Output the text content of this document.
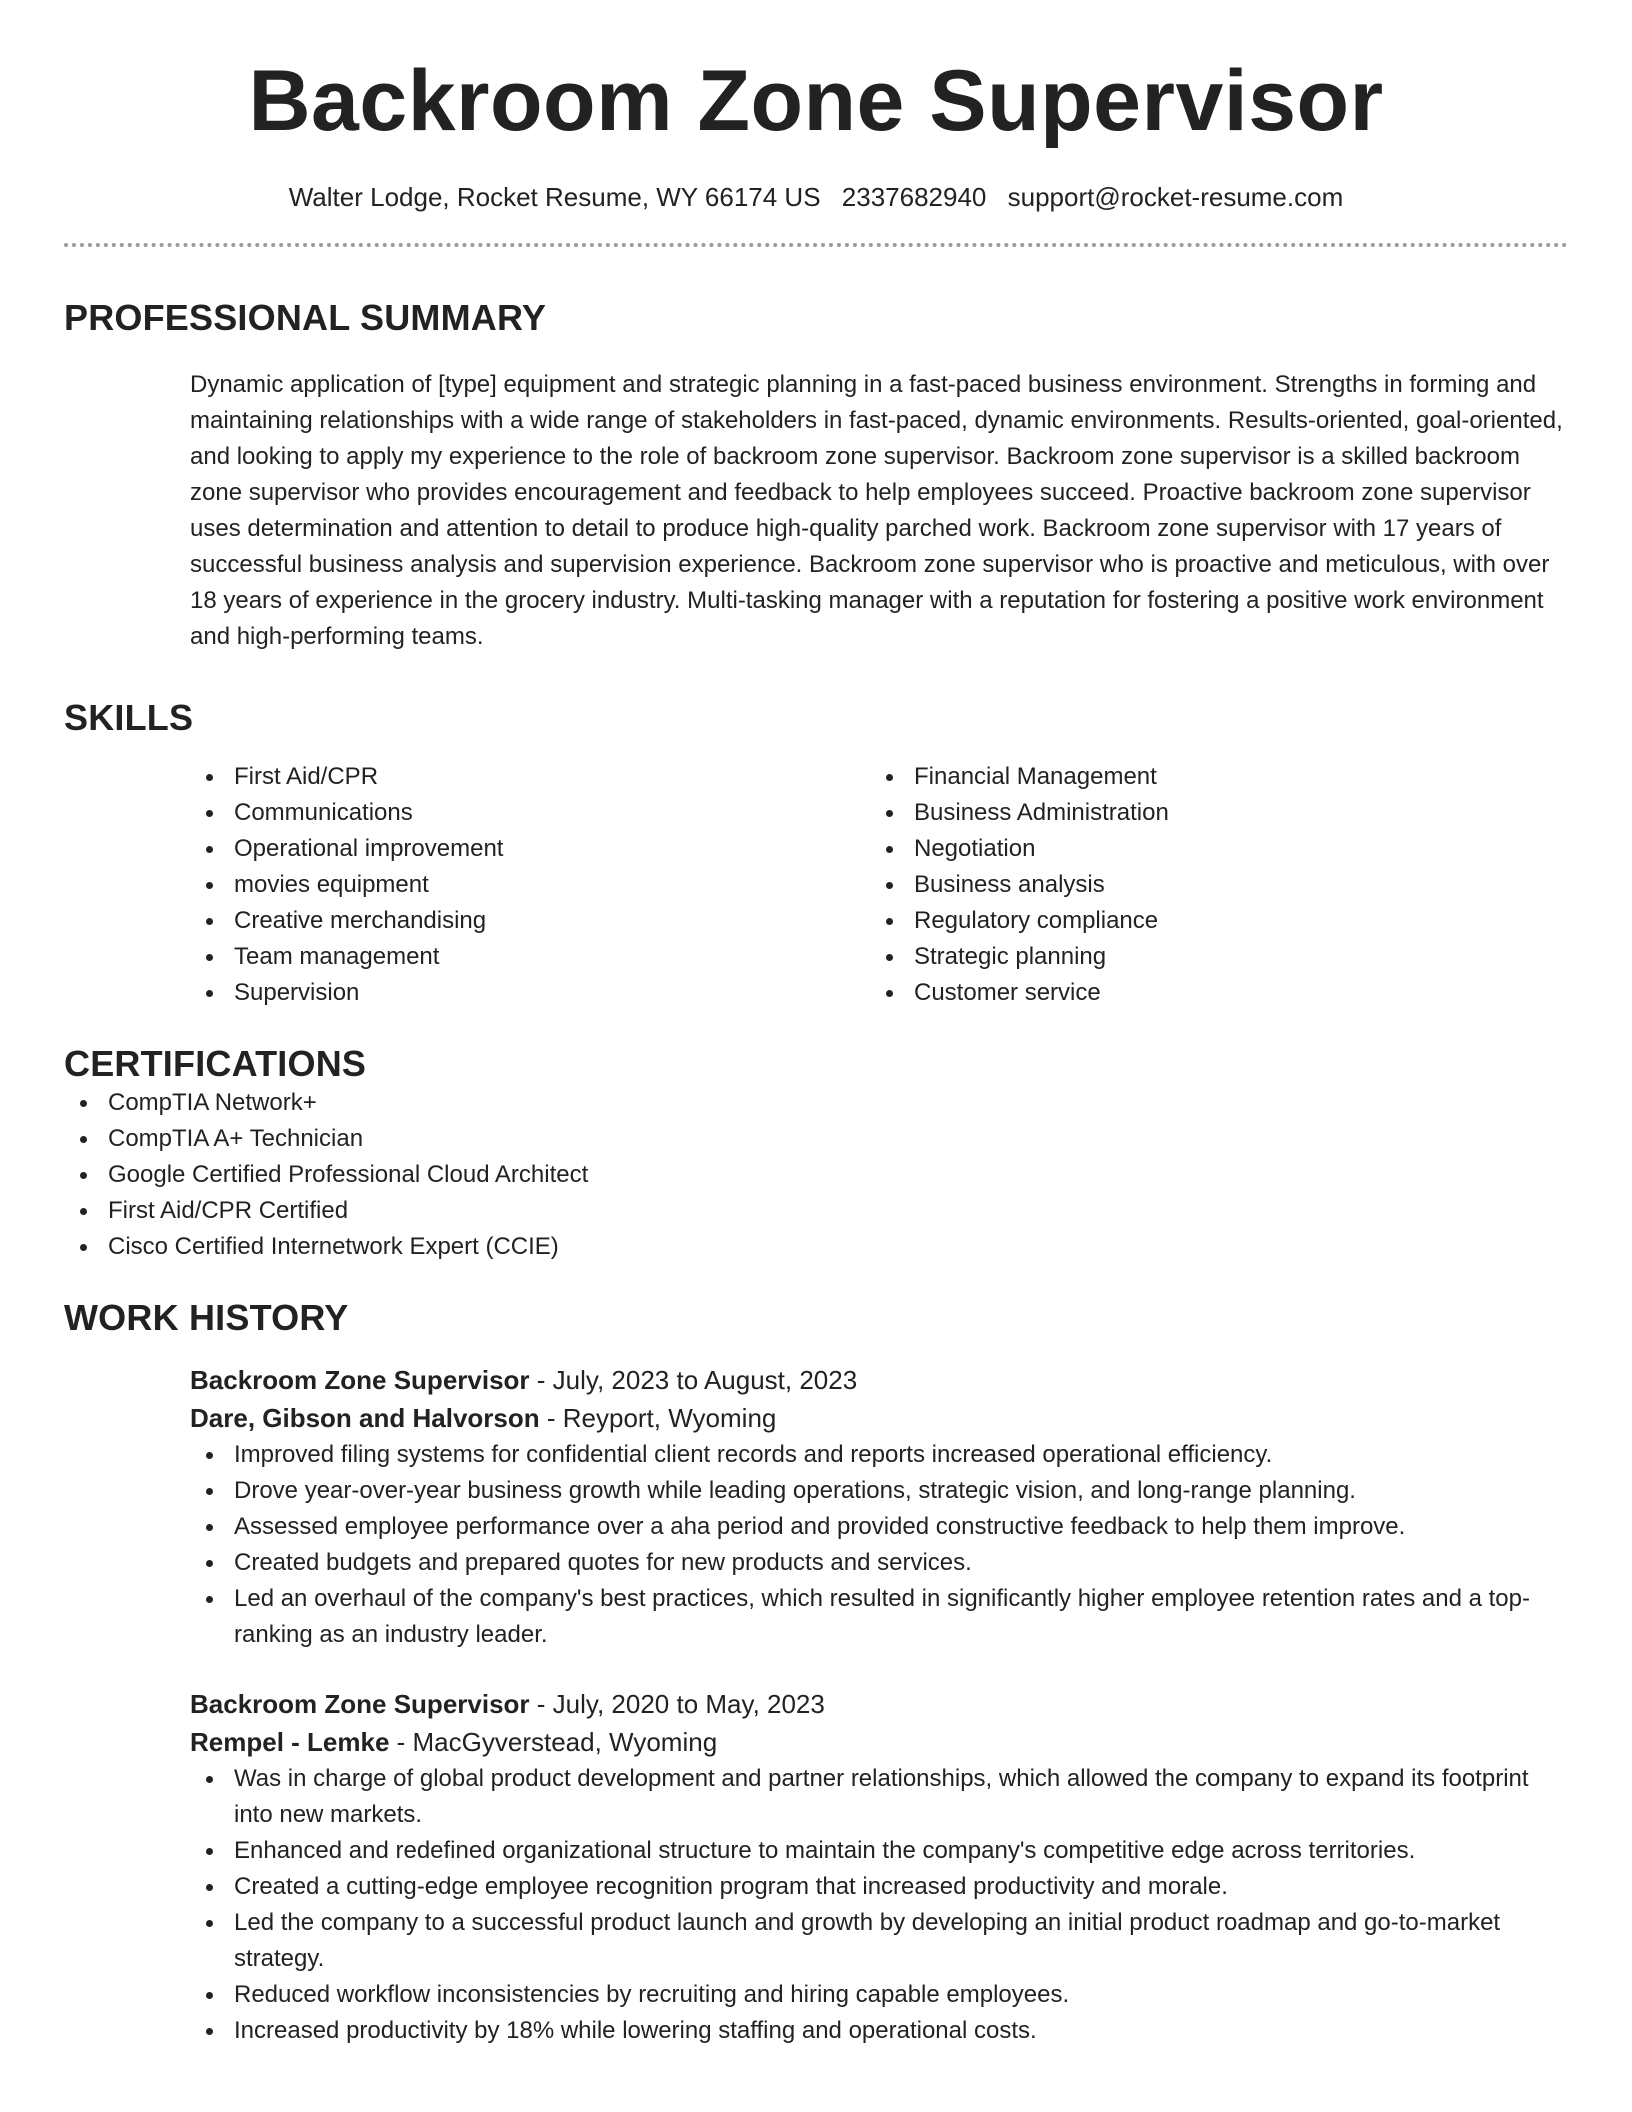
Backroom Zone Supervisor
Walter Lodge, Rocket Resume, WY 66174 US 2337682940 support@rocket-resume.com
PROFESSIONAL SUMMARY

Dynamic application of [type] equipment and strategic planning in a fast-paced business environment. Strengths in forming and maintaining relationships with a wide range of stakeholders in fast-paced, dynamic environments. Results-oriented, goal-oriented, and looking to apply my experience to the role of backroom zone supervisor. Backroom zone supervisor is a skilled backroom zone supervisor who provides encouragement and feedback to help employees succeed. Proactive backroom zone supervisor uses determination and attention to detail to produce high-quality parched work. Backroom zone supervisor with 17 years of successful business analysis and supervision experience. Backroom zone supervisor who is proactive and meticulous, with over 18 years of experience in the grocery industry. Multi-tasking manager with a reputation for fostering a positive work environment and high-performing teams.

SKILLS
First Aid/CPR
Communications
Operational improvement
movies equipment
Creative merchandising
Team management
Supervision
Financial Management
Business Administration
Negotiation
Business analysis
Regulatory compliance
Strategic planning
Customer service
CERTIFICATIONS
CompTIA Network+
CompTIA A+ Technician
Google Certified Professional Cloud Architect
First Aid/CPR Certified
Cisco Certified Internetwork Expert (CCIE)
WORK HISTORY
Backroom Zone Supervisor - July, 2023 to August, 2023
Dare, Gibson and Halvorson - Reyport, Wyoming
Improved filing systems for confidential client records and reports increased operational efficiency.
Drove year-over-year business growth while leading operations, strategic vision, and long-range planning.
Assessed employee performance over a aha period and provided constructive feedback to help them improve.
Created budgets and prepared quotes for new products and services.
Led an overhaul of the company's best practices, which resulted in significantly higher employee retention rates and a top-ranking as an industry leader.
Backroom Zone Supervisor - July, 2020 to May, 2023
Rempel - Lemke - MacGyverstead, Wyoming
Was in charge of global product development and partner relationships, which allowed the company to expand its footprint into new markets.
Enhanced and redefined organizational structure to maintain the company's competitive edge across territories.
Created a cutting-edge employee recognition program that increased productivity and morale.
Led the company to a successful product launch and growth by developing an initial product roadmap and go-to-market strategy.
Reduced workflow inconsistencies by recruiting and hiring capable employees.
Increased productivity by 18% while lowering staffing and operational costs.
